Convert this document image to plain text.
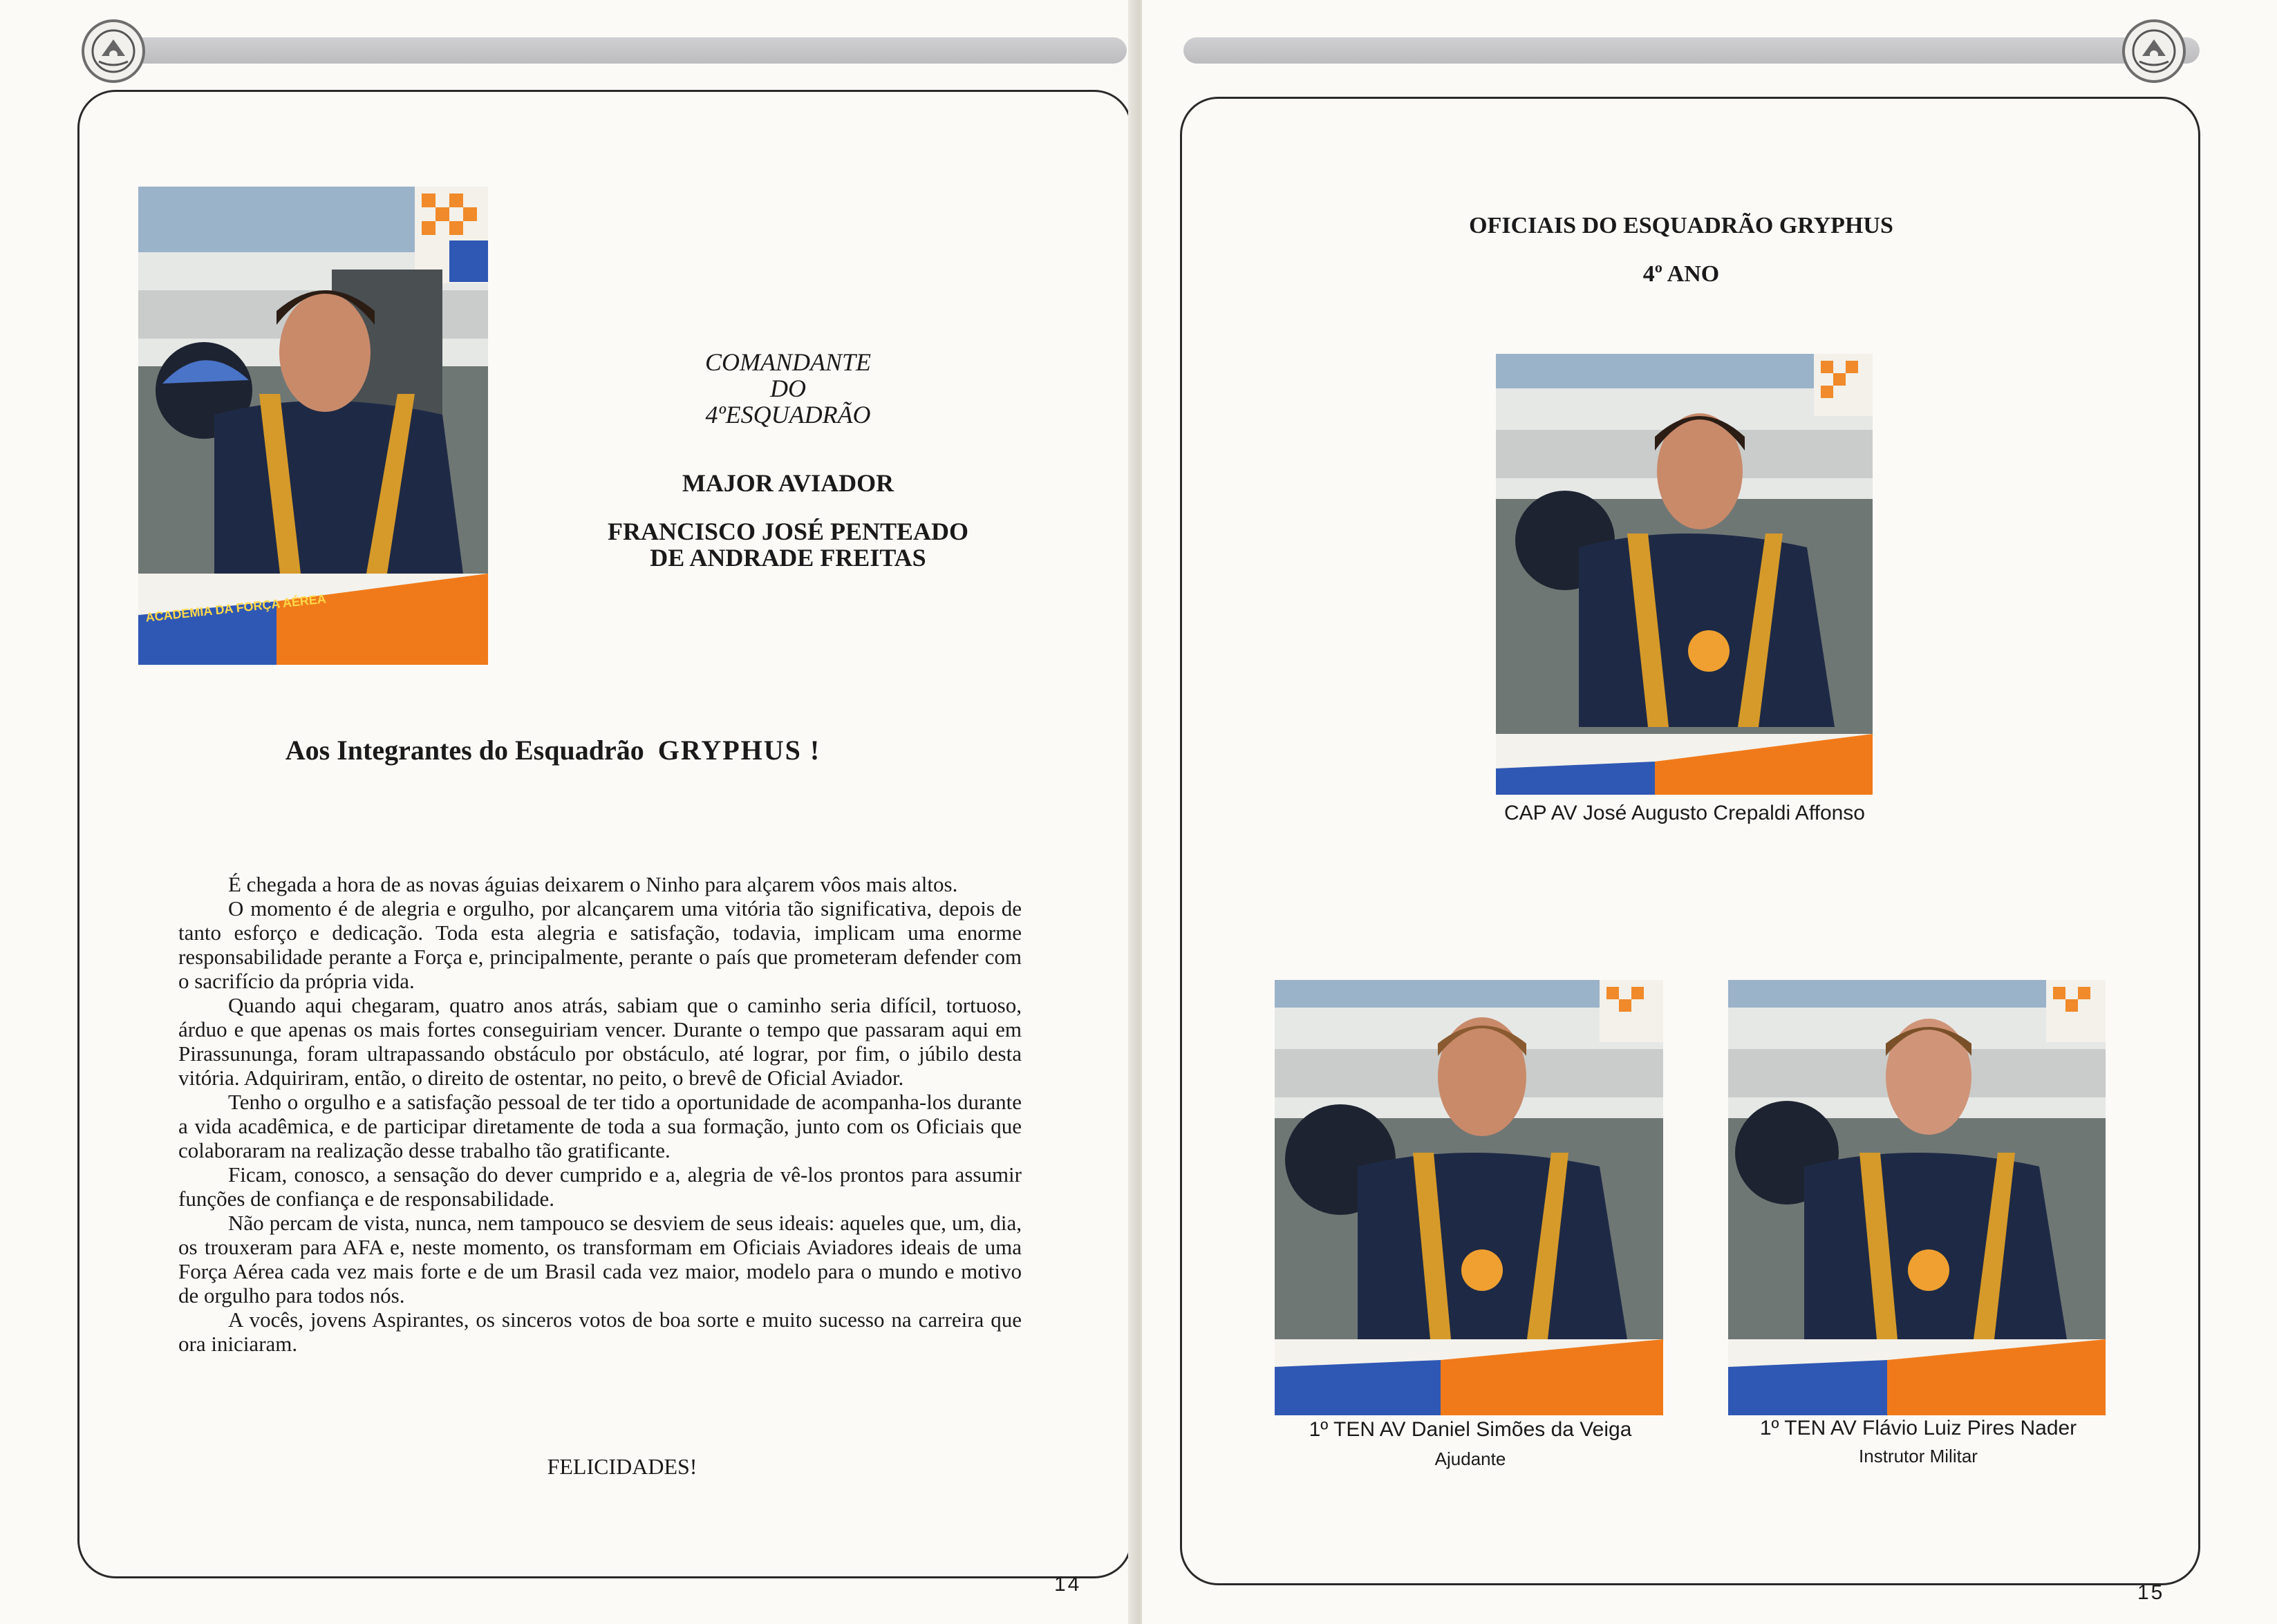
ACADEMIA DA FORÇA AÉREA
COMANDANTE
DO
4ºESQUADRÃO
MAJOR AVIADOR
FRANCISCO JOSÉ PENTEADO
DE ANDRADE FREITAS
Aos Integrantes do Esquadrão GRYPHUS !

É chegada a hora de as novas águias deixarem o Ninho para alçarem vôos mais altos.

O momento é de alegria e orgulho, por alcançarem uma vitória tão significativa, depois de tanto esforço e dedicação. Toda esta alegria e satisfação, todavia, implicam uma enorme responsabilidade perante a Força e, principalmente, perante o país que prometeram defender com o sacrifício da própria vida.

Quando aqui chegaram, quatro anos atrás, sabiam que o caminho seria difícil, tortuoso, árduo e que apenas os mais fortes conseguiriam vencer. Durante o tempo que passaram aqui em Pirassununga, foram ultrapassando obstáculo por obstáculo, até lograr, por fim, o júbilo desta vitória. Adquiriram, então, o direito de ostentar, no peito, o brevê de Oficial Aviador.

Tenho o orgulho e a satisfação pessoal de ter tido a oportunidade de acompanha-los durante a vida acadêmica, e de participar diretamente de toda a sua formação, junto com os Oficiais que colaboraram na realização desse trabalho tão gratificante.

Ficam, conosco, a sensação do dever cumprido e a, alegria de vê-los prontos para assumir funções de confiança e de responsabilidade.

Não percam de vista, nunca, nem tampouco se desviem de seus ideais: aqueles que, um, dia, os trouxeram para AFA e, neste momento, os transformam em Oficiais Aviadores ideais de uma Força Aérea cada vez mais forte e de um Brasil cada vez maior, modelo para o mundo e motivo de orgulho para todos nós.

A vocês, jovens Aspirantes, os sinceros votos de boa sorte e muito sucesso na carreira que ora iniciaram.

FELICIDADES!
14
OFICIAIS DO ESQUADRÃO GRYPHUS
4º ANO
CAP AV José Augusto Crepaldi Affonso
1º TEN AV Daniel Simões da Veiga
Ajudante
1º TEN AV Flávio Luiz Pires Nader
Instrutor Militar
15
